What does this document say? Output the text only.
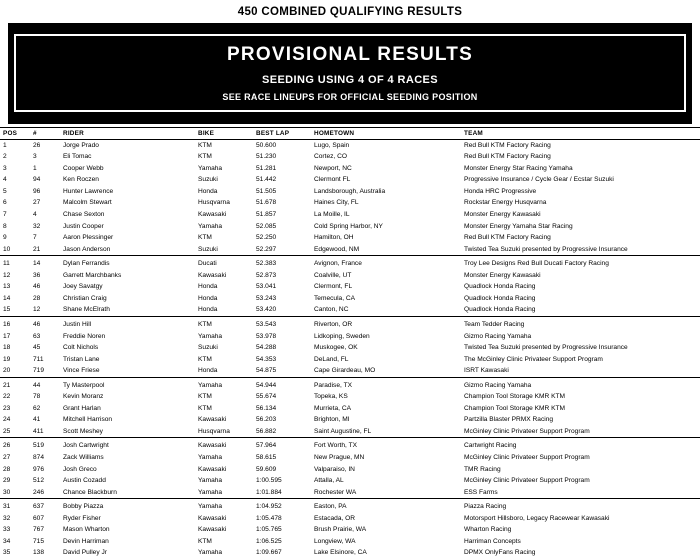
450 COMBINED QUALIFYING RESULTS
PROVISIONAL RESULTS
SEEDING USING 4 OF 4 RACES
SEE RACE LINEUPS FOR OFFICIAL SEEDING POSITION
POS	#	RIDER	BIKE	BEST LAP	HOMETOWN	TEAM
1	26	Jorge Prado	KTM	50.600	Lugo, Spain	Red Bull KTM Factory Racing
2	3	Eli Tomac	KTM	51.230	Cortez, CO	Red Bull KTM Factory Racing
3	1	Cooper Webb	Yamaha	51.281	Newport, NC	Monster Energy Star Racing Yamaha
4	94	Ken Roczen	Suzuki	51.442	Clermont FL	Progressive Insurance / Cycle Gear / Ecstar Suzuki
5	96	Hunter Lawrence	Honda	51.505	Landsborough, Australia	Honda HRC Progressive
6	27	Malcolm Stewart	Husqvarna	51.678	Haines City, FL	Rockstar Energy Husqvarna
7	4	Chase Sexton	Kawasaki	51.857	La Moille, IL	Monster Energy Kawasaki
8	32	Justin Cooper	Yamaha	52.085	Cold Spring Harbor, NY	Monster Energy Yamaha Star Racing
9	7	Aaron Plessinger	KTM	52.250	Hamilton, OH	Red Bull KTM Factory Racing
10	21	Jason Anderson	Suzuki	52.297	Edgewood, NM	Twisted Tea Suzuki presented by Progressive Insurance

11	14	Dylan Ferrandis	Ducati	52.383	Avignon, France	Troy Lee Designs Red Bull Ducati Factory Racing
12	36	Garrett Marchbanks	Kawasaki	52.873	Coalville, UT	Monster Energy Kawasaki
13	46	Joey Savatgy	Honda	53.041	Clermont, FL	Quadlock Honda Racing
14	28	Christian Craig	Honda	53.243	Temecula, CA	Quadlock Honda Racing
15	12	Shane McElrath	Honda	53.420	Canton, NC	Quadlock Honda Racing

16	46	Justin Hill	KTM	53.543	Riverton, OR	Team Tedder Racing
17	63	Freddie Noren	Yamaha	53.978	Lidkoping, Sweden	Gizmo Racing Yamaha
18	45	Colt Nichols	Suzuki	54.288	Muskogee, OK	Twisted Tea Suzuki presented by Progressive Insurance
19	711	Tristan Lane	KTM	54.353	DeLand, FL	The McGinley Clinic Privateer Support Program
20	719	Vince Friese	Honda	54.875	Cape Girardeau, MO	ISRT Kawasaki

21	44	Ty Masterpool	Yamaha	54.944	Paradise, TX	Gizmo Racing Yamaha
22	78	Kevin Moranz	KTM	55.674	Topeka, KS	Champion Tool Storage KMR KTM
23	62	Grant Harlan	KTM	56.134	Murrieta, CA	Champion Tool Storage KMR KTM
24	41	Mitchell Harrison	Kawasaki	56.203	Brighton, MI	Partzilla Blaster PRMX Racing
25	411	Scott Meshey	Husqvarna	56.882	Saint Augustine, FL	McGinley Clinic Privateer Support Program

26	519	Josh Cartwright	Kawasaki	57.964	Fort Worth, TX	Cartwright Racing
27	874	Zack Williams	Yamaha	58.615	New Prague, MN	McGinley Clinic Privateer Support Program
28	976	Josh Greco	Kawasaki	59.609	Valparaiso, IN	TMR Racing
29	512	Austin Cozadd	Yamaha	1:00.595	Attalla, AL	McGinley Clinic Privateer Support Program
30	246	Chance Blackburn	Yamaha	1:01.884	Rochester WA	ESS Farms

31	637	Bobby Piazza	Yamaha	1:04.952	Easton, PA	Piazza Racing
32	607	Ryder Fisher	Kawasaki	1:05.478	Estacada, OR	Motorsport Hillsboro, Legacy Racewear Kawasaki
33	767	Mason Wharton	Kawasaki	1:05.765	Brush Prairie, WA	Wharton Racing
34	715	Devin Harriman	KTM	1:06.525	Longview, WA	Harriman Concepts
35	138	David Pulley Jr	Yamaha	1:09.667	Lake Elsinore, CA	DPMX OnlyFans Racing
